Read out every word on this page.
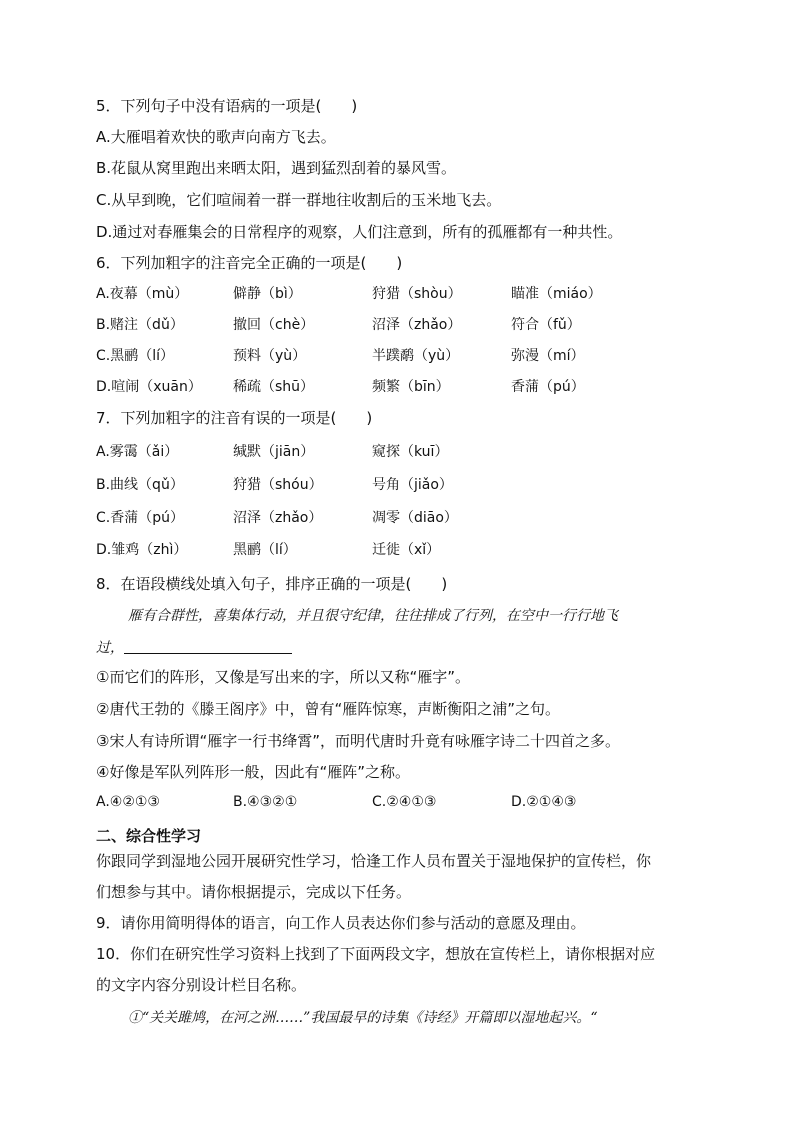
5．下列句子中没有语病的一项是(　　)
A.大雁唱着欢快的歌声向南方飞去。
B.花鼠从窝里跑出来晒太阳，遇到猛烈刮着的暴风雪。
C.从早到晚，它们喧闹着一群一群地往收割后的玉米地飞去。
D.通过对春雁集会的日常程序的观察，人们注意到，所有的孤雁都有一种共性。
6．下列加粗字的注音完全正确的一项是(　　)
A.夜幕（mù）	僻静（bì）	狩猎（shòu）	瞄准（miáo）
B.赌注（dǔ）	撤回（chè）	沼泽（zhǎo）	符合（fǔ）
C.黑鹂（lí）	预料（yù）	半蹼鹬（yù）	弥漫（mí）
D.喧闹（xuān） 稀疏（shū）	频繁（bīn）	香蒲（pú）
7．下列加粗字的注音有误的一项是(　　)
A.雾霭（ǎi）	缄默（jiān）	窥探（kuī）
B.曲线（qǔ）	狩猎（shóu）	号角（jiǎo）
C.香蒲（pú）	沼泽（zhǎo）	凋零（diāo）
D.雏鸡（zhì）	黑鹂（lí）	迁徙（xǐ）
8．在语段横线处填入句子，排序正确的一项是(　　)
雁有合群性，喜集体行动，并且很守纪律，往往排成了行列，在空中一行行地飞
过，
①而它们的阵形，又像是写出来的字，所以又称“雁字”。
②唐代王勃的《滕王阁序》中，曾有“雁阵惊寒，声断衡阳之浦”之句。
③宋人有诗所谓“雁字一行书绛霄”，而明代唐时升竟有咏雁字诗二十四首之多。
④好像是军队列阵形一般，因此有“雁阵”之称。
A.④②①③	B.④③②①	C.②④①③	D.②①④③
二、综合性学习
你跟同学到湿地公园开展研究性学习，恰逢工作人员布置关于湿地保护的宣传栏，你
们想参与其中。请你根据提示，完成以下任务。
9．请你用简明得体的语言，向工作人员表达你们参与活动的意愿及理由。
10．你们在研究性学习资料上找到了下面两段文字，想放在宣传栏上，请你根据对应
的文字内容分别设计栏目名称。
①“关关雎鸠，在河之洲……”我国最早的诗集《诗经》开篇即以湿地起兴。“
